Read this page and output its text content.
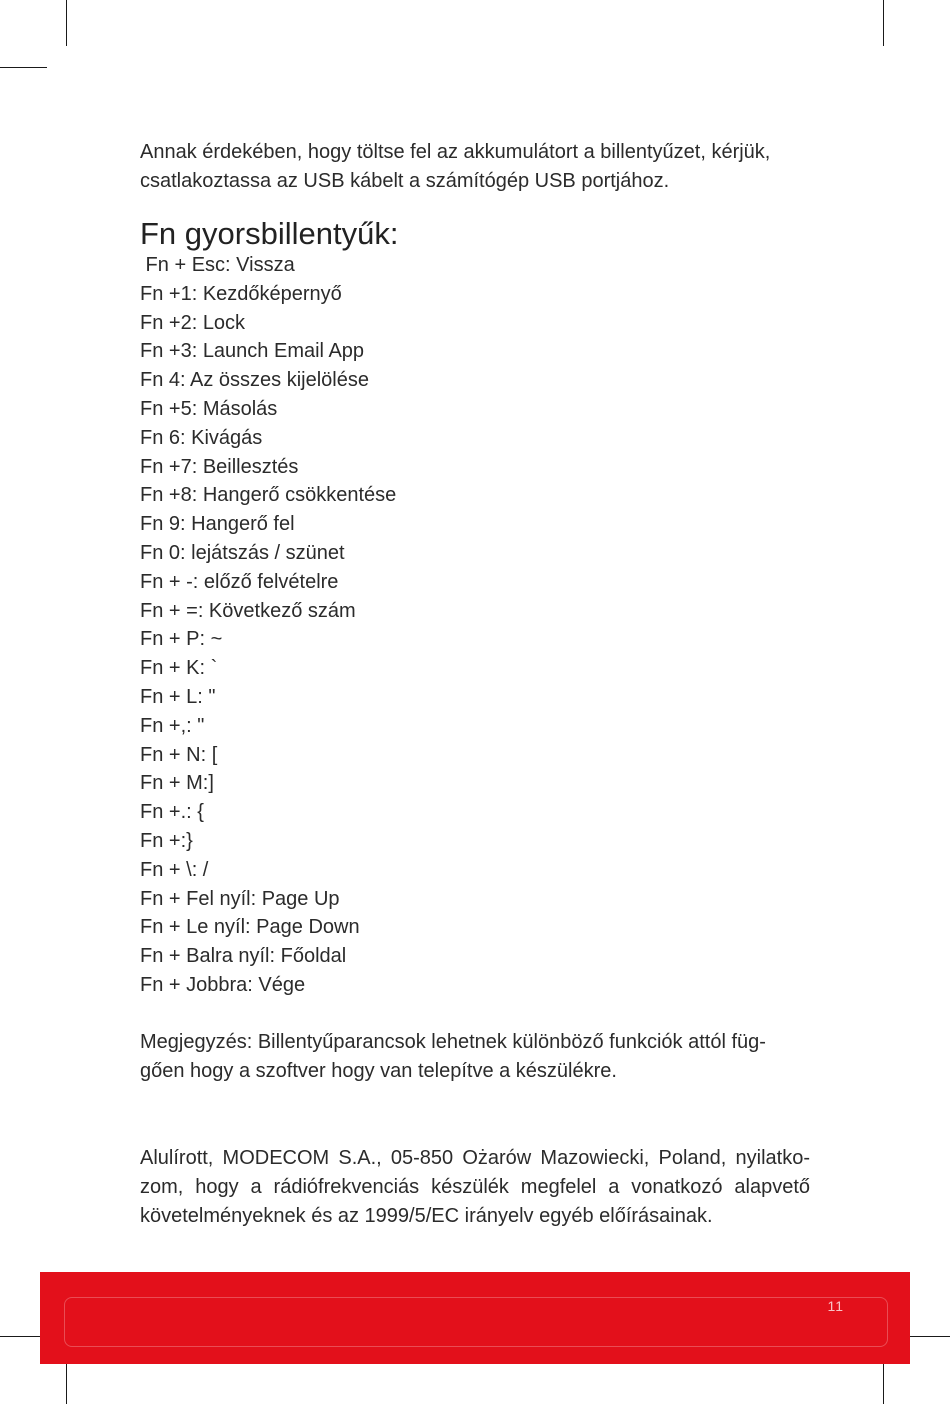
Annak érdekében, hogy töltse fel az akkumulátort a billentyűzet, kérjük,
csatlakoztassa az USB kábelt a számítógép USB portjához.
Fn gyorsbillentyűk:
Fn + Esc: Vissza
Fn +1: Kezdőképernyő
Fn +2: Lock
Fn +3: Launch Email App
Fn 4: Az összes kijelölése
Fn +5: Másolás
Fn 6: Kivágás
Fn +7: Beillesztés
Fn +8: Hangerő csökkentése
Fn 9: Hangerő fel
Fn 0: lejátszás / szünet
Fn + -: előző felvételre
Fn + =: Következő szám
Fn + P: ~
Fn + K: `
Fn + L: "
Fn +,: "
Fn + N: [
Fn + M:]
Fn +.: {
Fn +:}
Fn + \: /
Fn + Fel nyíl: Page Up
Fn + Le nyíl: Page Down
Fn + Balra nyíl: Főoldal
Fn + Jobbra: Vége
Megjegyzés: Billentyűparancsok lehetnek különböző funkciók attól füg-
gően hogy a szoftver hogy van telepítve a készülékre.
Alulírott, MODECOM S.A., 05-850 Ożarów Mazowiecki, Poland, nyilatko-
zom, hogy a rádiófrekvenciás készülék megfelel a vonatkozó alapvető
követelményeknek és az 1999/5/EC irányelv egyéb előírásainak.
11
